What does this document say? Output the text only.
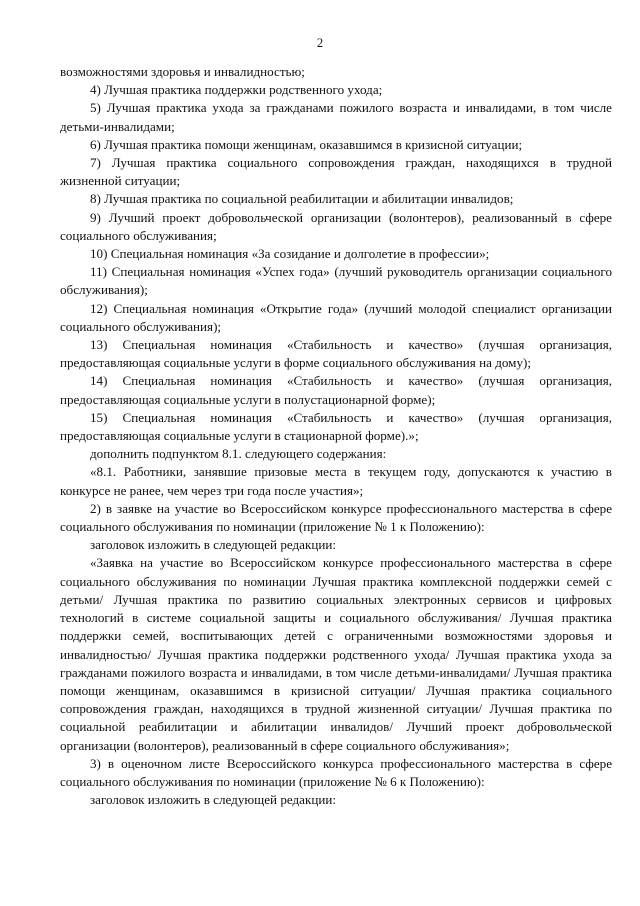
2

возможностями здоровья и инвалидностью;

4) Лучшая практика поддержки родственного ухода;

5) Лучшая практика ухода за гражданами пожилого возраста и инвалидами, в том числе детьми-инвалидами;

6) Лучшая практика помощи женщинам, оказавшимся в кризисной ситуации;

7) Лучшая практика социального сопровождения граждан, находящихся в трудной жизненной ситуации;

8) Лучшая практика по социальной реабилитации и абилитации инвалидов;

9) Лучший проект добровольческой организации (волонтеров), реализованный в сфере социального обслуживания;

10) Специальная номинация «За созидание и долголетие в профессии»;

11) Специальная номинация «Успех года» (лучший руководитель организации социального обслуживания);

12) Специальная номинация «Открытие года» (лучший молодой специалист организации социального обслуживания);

13) Специальная номинация «Стабильность и качество» (лучшая организация, предоставляющая социальные услуги в форме социального обслуживания на дому);

14) Специальная номинация «Стабильность и качество» (лучшая организация, предоставляющая социальные услуги в полустационарной форме);

15) Специальная номинация «Стабильность и качество» (лучшая организация, предоставляющая социальные услуги в стационарной форме).»;

дополнить подпунктом 8.1. следующего содержания:

«8.1. Работники, занявшие призовые места в текущем году, допускаются к участию в конкурсе не ранее, чем через три года после участия»;

2) в заявке на участие во Всероссийском конкурсе профессионального мастерства в сфере социального обслуживания по номинации (приложение № 1 к Положению):

заголовок изложить в следующей редакции:

«Заявка на участие во Всероссийском конкурсе профессионального мастерства в сфере социального обслуживания по номинации Лучшая практика комплексной поддержки семей с детьми/ Лучшая практика по развитию социальных электронных сервисов и цифровых технологий в системе социальной защиты и социального обслуживания/ Лучшая практика поддержки семей, воспитывающих детей с ограниченными возможностями здоровья и инвалидностью/ Лучшая практика поддержки родственного ухода/ Лучшая практика ухода за гражданами пожилого возраста и инвалидами, в том числе детьми-инвалидами/ Лучшая практика помощи женщинам, оказавшимся в кризисной ситуации/ Лучшая практика социального сопровождения граждан, находящихся в трудной жизненной ситуации/ Лучшая практика по социальной реабилитации и абилитации инвалидов/ Лучший проект добровольческой организации (волонтеров), реализованный в сфере социального обслуживания»;

3) в оценочном листе Всероссийского конкурса профессионального мастерства в сфере социального обслуживания по номинации (приложение № 6 к Положению):

заголовок изложить в следующей редакции:
